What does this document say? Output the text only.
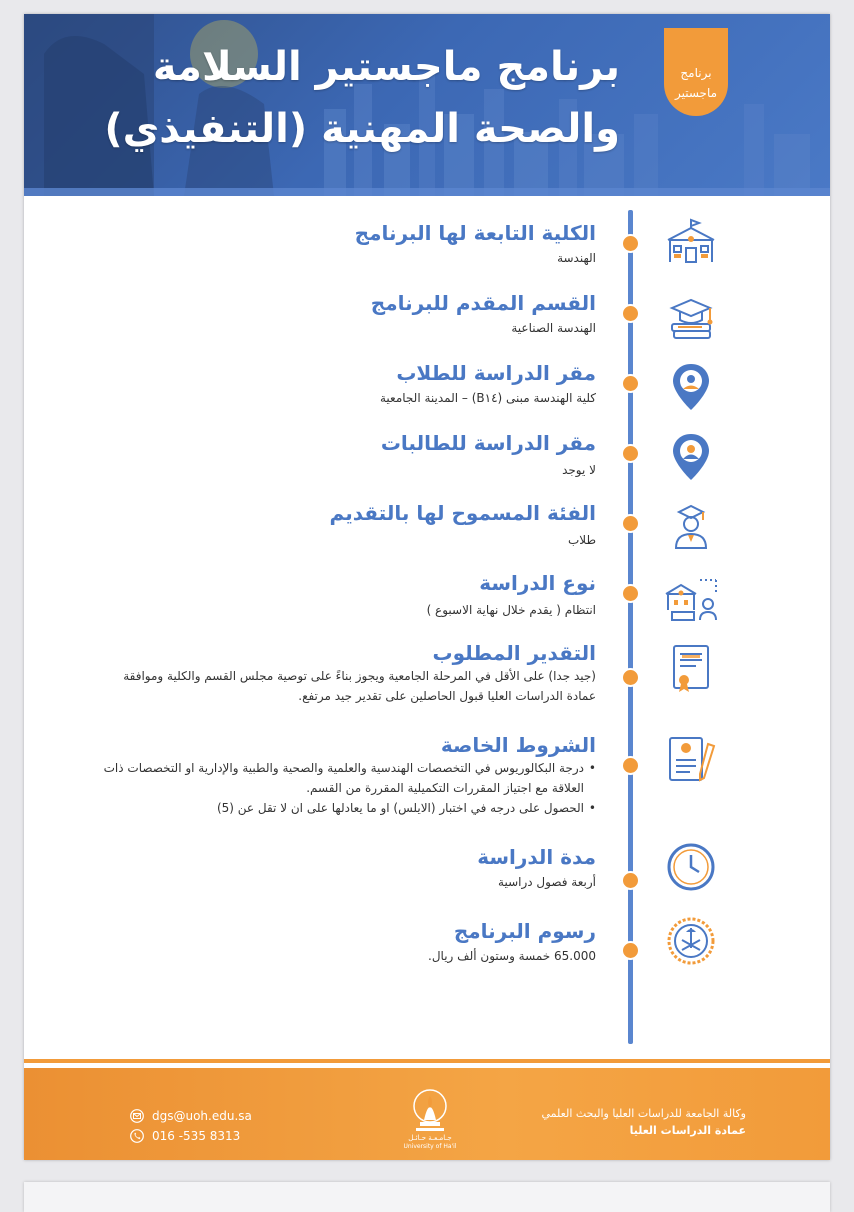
برنامج
ماجستير
برنامج ماجستير السلامة
والصحة المهنية (التنفيذي)
الكلية التابعة لها البرنامج
الهندسة
القسم المقدم للبرنامج
الهندسة الصناعية
مقر الدراسة للطلاب
كلية الهندسة مبنى (B١٤) – المدينة الجامعية
مقر الدراسة للطالبات
لا يوجد
الفئة المسموح لها بالتقديم
طلاب
نوع الدراسة
انتظام ( يقدم خلال نهاية الاسبوع )
التقدير المطلوب
(جيد جدا) على الأقل في المرحلة الجامعية ويجوز بناءً على توصية مجلس القسم والكلية وموافقة عمادة الدراسات العليا قبول الحاصلين على تقدير جيد مرتفع.
الشروط الخاصة
• درجة البكالوريوس في التخصصات الهندسية والعلمية والصحية والطبية والإدارية او التخصصات ذات العلاقة مع اجتياز المقررات التكميلية المقررة من القسم.
• الحصول على درجه في اختبار (الايلس) او ما يعادلها على ان لا تقل عن (5)
مدة الدراسة
أربعة فصول دراسية
رسوم البرنامج
65.000 خمسة وستون ألف ريال.
وكالة الجامعة للدراسات العليا والبحث العلمي
عمادة الدراسات العليا
جـامـعـة حـائـل
University of Ha'il
dgs@uoh.edu.sa
016 -535 8313
